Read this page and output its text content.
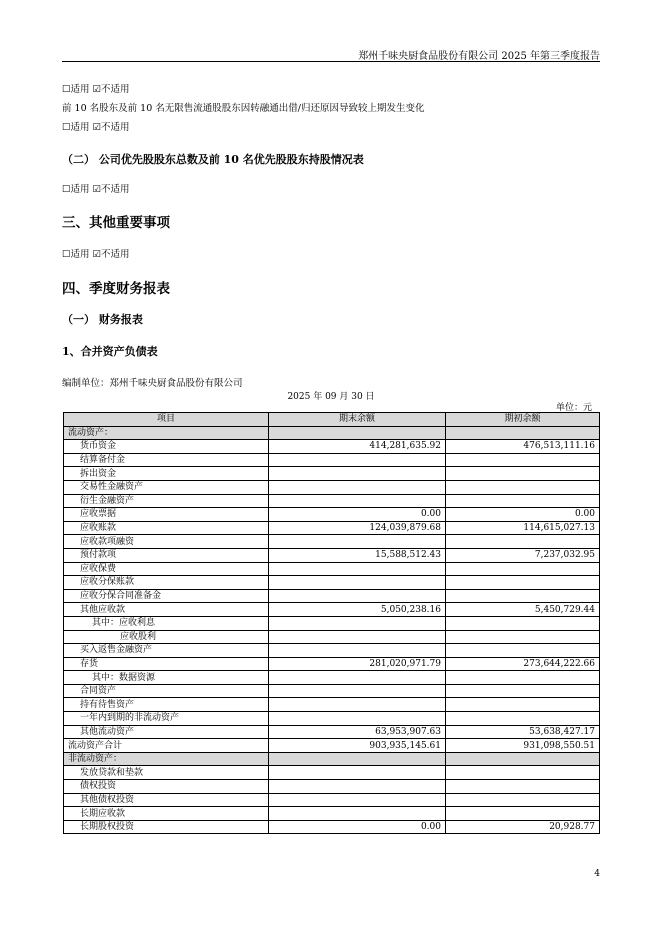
郑州千味央厨食品股份有限公司 2025 年第三季度报告
☐适用 ☑不适用
前 10 名股东及前 10 名无限售流通股股东因转融通出借/归还原因导致较上期发生变化
☐适用 ☑不适用
（二） 公司优先股股东总数及前 10 名优先股股东持股情况表
☐适用 ☑不适用
三、其他重要事项
☐适用 ☑不适用
四、季度财务报表
（一） 财务报表
1、合并资产负债表
编制单位：郑州千味央厨食品股份有限公司
2025 年 09 月 30 日
单位：元
项目	期末余额	期初余额
流动资产：		
货币资金	414,281,635.92	476,513,111.16
结算备付金		
拆出资金		
交易性金融资产		
衍生金融资产		
应收票据	0.00	0.00
应收账款	124,039,879.68	114,615,027.13
应收款项融资		
预付款项	15,588,512.43	7,237,032.95
应收保费		
应收分保账款		
应收分保合同准备金		
其他应收款	5,050,238.16	5,450,729.44
其中：应收利息		
应收股利		
买入返售金融资产		
存货	281,020,971.79	273,644,222.66
其中：数据资源		
合同资产		
持有待售资产		
一年内到期的非流动资产		
其他流动资产	63,953,907.63	53,638,427.17
流动资产合计	903,935,145.61	931,098,550.51
非流动资产：		
发放贷款和垫款		
债权投资		
其他债权投资		
长期应收款		
长期股权投资	0.00	20,928.77
4
